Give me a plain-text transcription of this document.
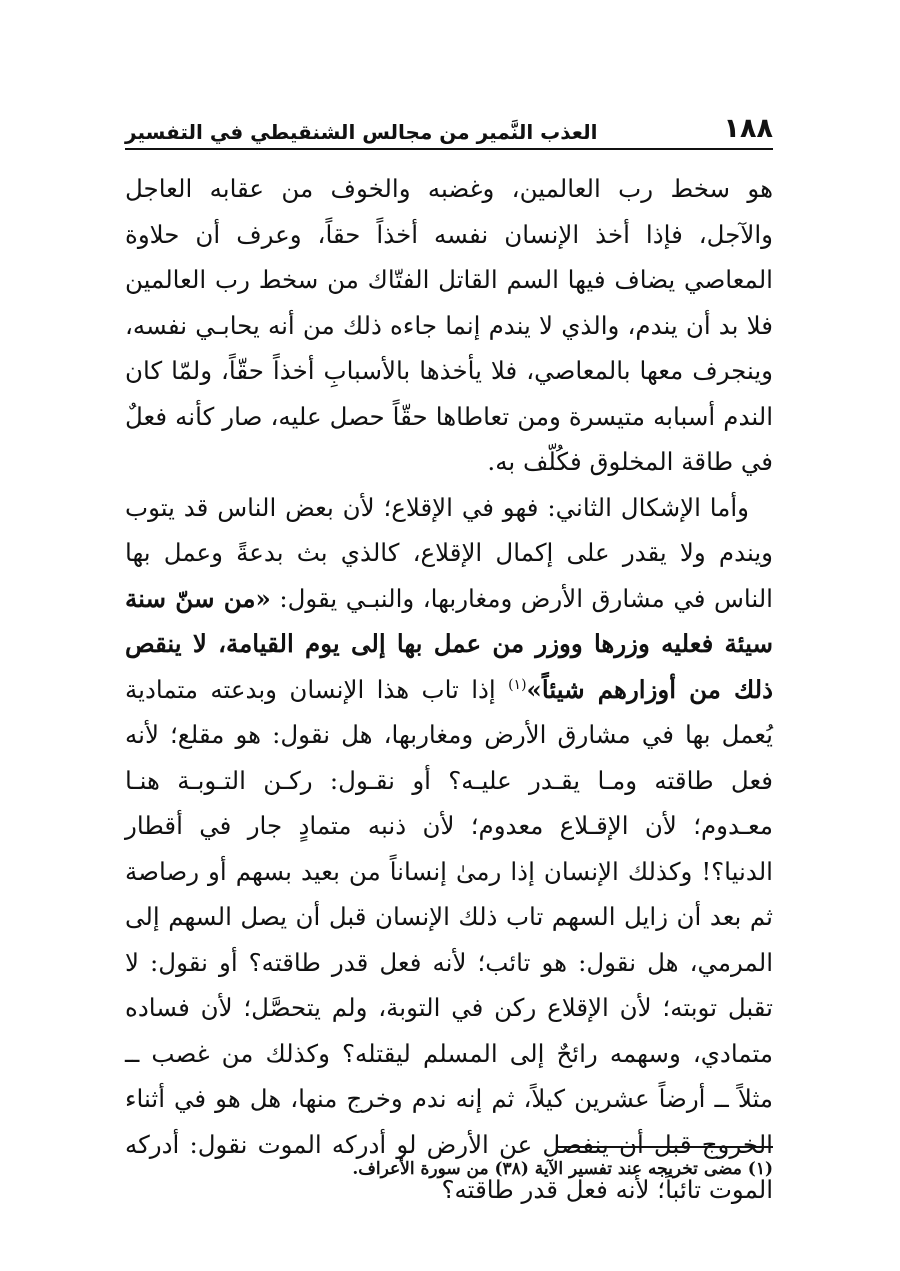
١٨٨
العذب النَّمير من مجالس الشنقيطي في التفسير

هو سخط رب العالمين، وغضبه والخوف من عقابه العاجل والآجل، فإذا أخذ الإنسان نفسه أخذاً حقاً، وعرف أن حلاوة المعاصي يضاف فيها السم القاتل الفتّاك من سخط رب العالمين فلا بد أن يندم، والذي لا يندم إنما جاءه ذلك من أنه يحابـي نفسه، وينجرف معها بالمعاصي، فلا يأخذها بالأسبابِ أخذاً حقّاً، ولمّا كان الندم أسبابه متيسرة ومن تعاطاها حقّاً حصل عليه، صار كأنه فعلٌ في طاقة المخلوق فكُلّف به.

وأما الإشكال الثاني: فهو في الإقلاع؛ لأن بعض الناس قد يتوب ويندم ولا يقدر على إكمال الإقلاع، كالذي بث بدعةً وعمل بها الناس في مشارق الأرض ومغاربها، والنبـي يقول: «من سنّ سنة سيئة فعليه وزرها ووزر من عمل بها إلى يوم القيامة، لا ينقص ذلك من أوزارهم شيئاً»$^{(١)}$ إذا تاب هذا الإنسان وبدعته متمادية يُعمل بها في مشارق الأرض ومغاربها، هل نقول: هو مقلع؛ لأنه فعل طاقته ومـا يقـدر عليـه؟ أو نقـول: ركـن التـوبـة هنـا معـدوم؛ لأن الإقـلاع معدوم؛ لأن ذنبه متمادٍ جار في أقطار الدنيا؟! وكذلك الإنسان إذا رمىٰ إنساناً من بعيد بسهم أو رصاصة ثم بعد أن زايل السهم تاب ذلك الإنسان قبل أن يصل السهم إلى المرمي، هل نقول: هو تائب؛ لأنه فعل قدر طاقته؟ أو نقول: لا تقبل توبته؛ لأن الإقلاع ركن في التوبة، ولم يتحصَّل؛ لأن فساده متمادي، وسهمه رائحٌ إلى المسلم ليقتله؟ وكذلك من غصب ــ مثلاً ــ أرضاً عشرين كيلاً، ثم إنه ندم وخرج منها، هل هو في أثناء الخروج قبل أن ينفصل عن الأرض لو أدركه الموت نقول: أدركه الموت تائباً؛ لأنه فعل قدر طاقته؟

(١) مضى تخريجه عند تفسير الآية (٣٨) من سورة الأعراف.
